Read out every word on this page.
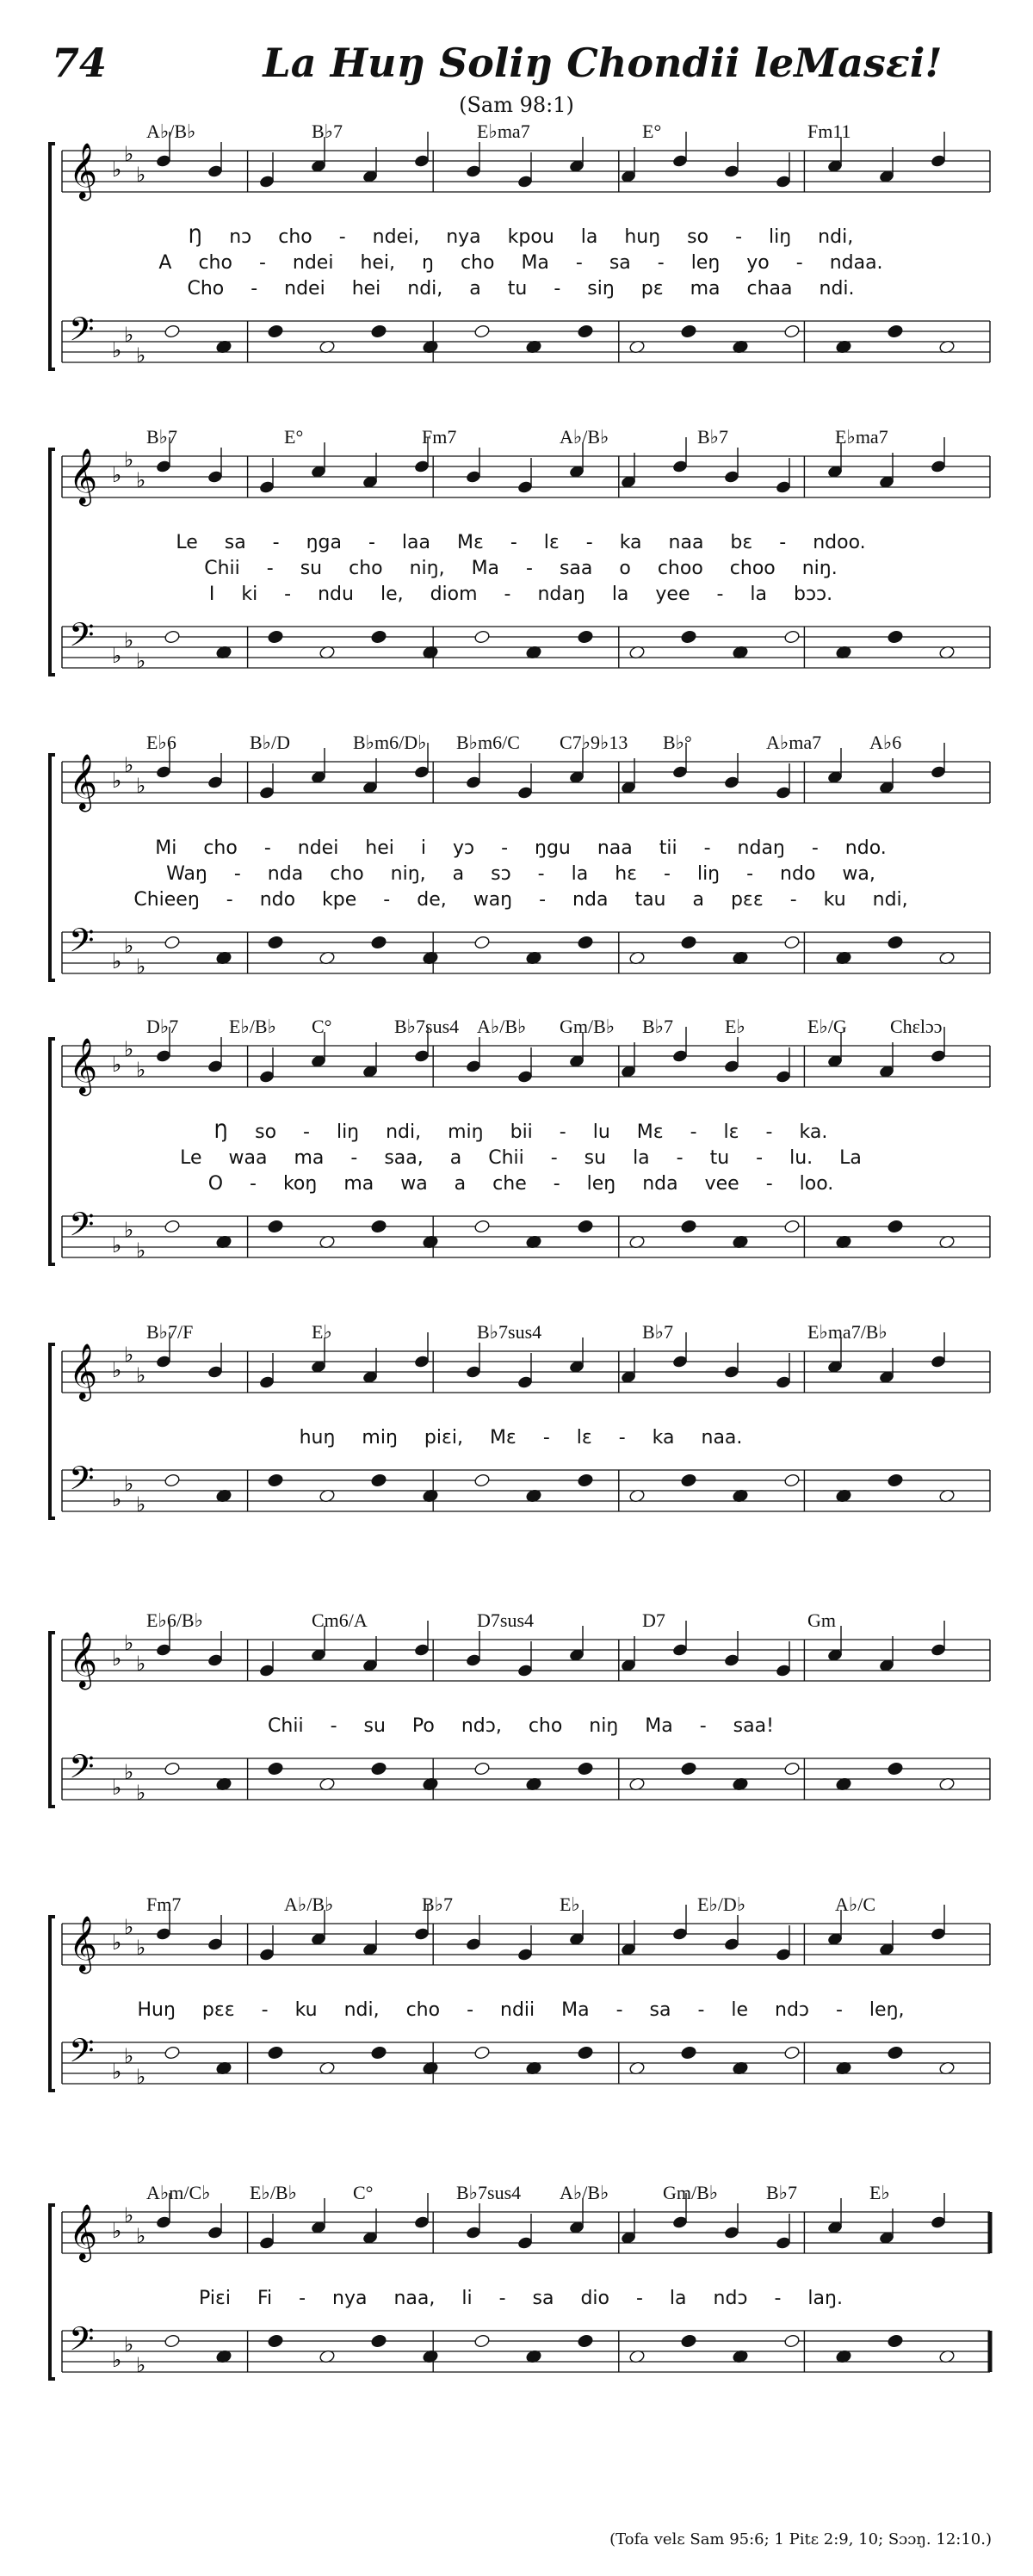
74	La Huŋ Soliŋ Chondii leMasɛi!
(Sam 98:1)
𝄞
𝄢
♭
♭
♭
♭
♭
♭
A♭/B♭	B♭7	E♭ma7	E°	Fm11
Ŋ nɔ cho - ndei, nya kpou la huŋ so - liŋ ndi,
A cho - ndei hei, ŋ cho Ma - sa - leŋ yo - ndaa.
Cho - ndei hei ndi, a tu - siŋ pɛ ma chaa ndi.
𝄞
𝄢
♭
♭
♭
♭
♭
♭
B♭7	E°	Fm7	A♭/B♭	B♭7	E♭ma7
Le sa - ŋga - laa Mɛ - lɛ - ka naa bɛ - ndoo.
Chii - su cho niŋ, Ma - saa o choo choo niŋ.
I ki - ndu le, diom - ndaŋ la yee - la bɔɔ.
𝄞
𝄢
♭
♭
♭
♭
♭
♭
E♭6	B♭/D	B♭m6/D♭ B♭m6/C C7♭9♭13 B♭°	A♭ma7	A♭6
Mi cho - ndei hei i yɔ - ŋgu naa tii - ndaŋ - ndo.
Waŋ - nda cho niŋ, a sɔ - la hɛ - liŋ - ndo wa,
Chieeŋ - ndo kpe - de, waŋ - nda tau a pɛɛ - ku ndi,
𝄞
𝄢
♭
♭
♭
♭
♭
♭
D♭7	E♭/B♭ C°	B♭7sus4 A♭/B♭ Gm/B♭ B♭7	E♭	E♭/G Chɛlɔɔ
Ŋ so - liŋ ndi, miŋ bii - lu Mɛ - lɛ - ka.
Le waa ma - saa, a Chii - su la - tu - lu. La
O - koŋ ma wa a che - leŋ nda vee - loo.
𝄞
𝄢
♭
♭
♭
♭
♭
♭
B♭7/F	E♭	B♭7sus4	B♭7	E♭ma7/B♭
huŋ miŋ piɛi, Mɛ - lɛ - ka naa.
𝄞
𝄢
♭
♭
♭
♭
♭
♭
E♭6/B♭	Cm6/A	D7sus4	D7	Gm
Chii - su Po ndɔ, cho niŋ Ma - saa!
𝄞
𝄢
♭
♭
♭
♭
♭
♭
Fm7	A♭/B♭	B♭7	E♭	E♭/D♭	A♭/C
Huŋ pɛɛ - ku ndi, cho - ndii Ma - sa - le ndɔ - leŋ,
𝄞
𝄢
♭
♭
♭
♭
♭
♭
A♭m/C♭ E♭/B♭	C°	B♭7sus4 A♭/B♭	Gm/B♭	B♭7	E♭
Piɛi Fi - nya naa, li - sa dio - la ndɔ - laŋ.
(Tofa velɛ Sam 95:6; 1 Pitɛ 2:9, 10; Sɔɔŋ. 12:10.)
